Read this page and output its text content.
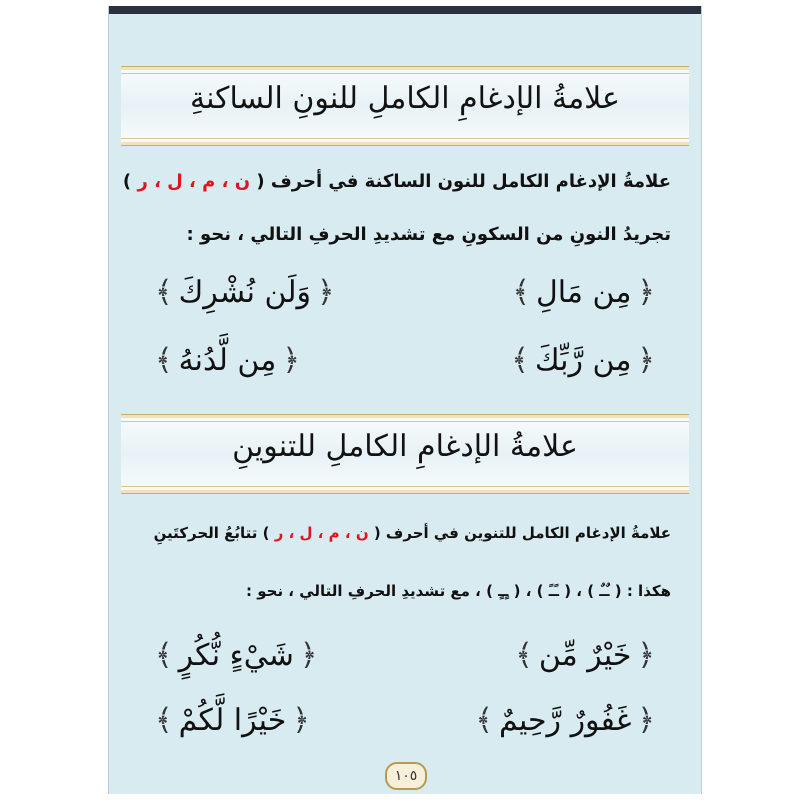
علامةُ الإدغامِ الكاملِ للنونِ الساكنةِ
علامةُ الإدغام الكامل للنون الساكنة في أحرف ( ن ، م ، ل ، ر )
تجريدُ النونِ من السكونِ مع تشديدِ الحرفِ التالي ، نحو :
﴿
مِن مَالِ
﴾
﴿
وَلَن نُشْرِكَ
﴾
﴿
مِن رَّبِّكَ
﴾
﴿
مِن لَّدُنهُ
﴾
علامةُ الإدغامِ الكاملِ للتنوينِ
علامةُ الإدغام الكامل للتنوين في أحرف ( ن ، م ، ل ، ر ) تتابُعُ الحركتَينِ
هكذا : ( ـٌـٌ ) ، ( ـًـً ) ، ( ـٍـٍ ) ، مع تشديدِ الحرفِ التالي ، نحو :
﴿
خَيْرٌ مِّن
﴾
﴿
شَيْءٍ نُّكُرٍ
﴾
﴿
غَفُورٌ رَّحِيمٌ
﴾
﴿
خَيْرًا لَّكُمْ
﴾
١٠٥
